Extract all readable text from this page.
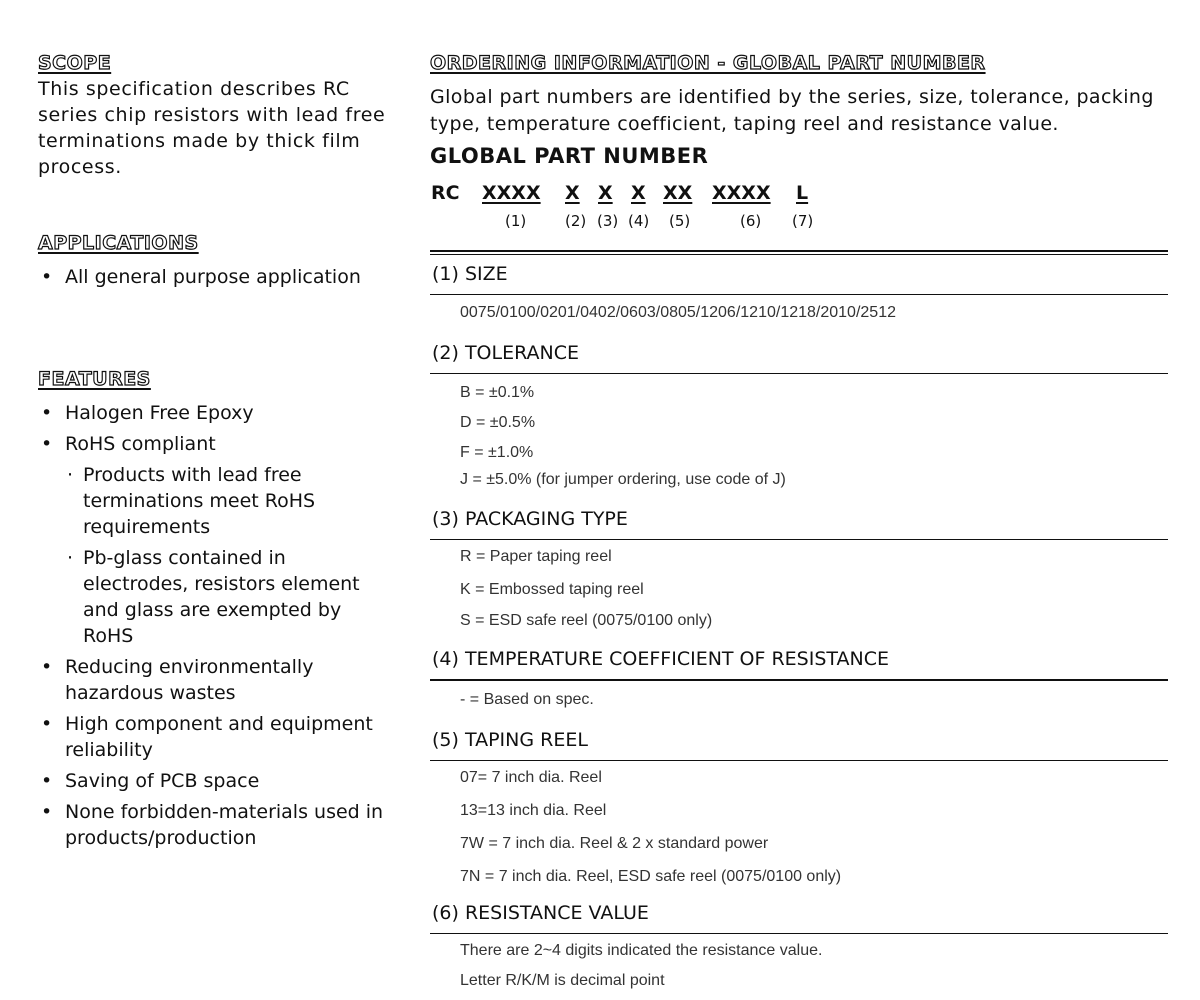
SCOPE
This specification describes RC series chip resistors with lead free terminations made by thick film process.
APPLICATIONS
• All general purpose application
FEATURES
• Halogen Free Epoxy
• RoHS compliant
· Products with lead free terminations meet RoHS requirements
· Pb-glass contained in electrodes, resistors element and glass are exempted by RoHS
• Reducing environmentally hazardous wastes
• High component and equipment reliability
• Saving of PCB space
• None forbidden-materials used in products/production
ORDERING INFORMATION - GLOBAL PART NUMBER
Global part numbers are identified by the series, size, tolerance, packing type, temperature coefficient, taping reel and resistance value.
GLOBAL PART NUMBER
RC XXXX X X X XX XXXX L
(1)	(2) (3) (4) (5)	(6) (7)
(1) SIZE
0075/0100/0201/0402/0603/0805/1206/1210/1218/2010/2512
(2) TOLERANCE
B = ±0.1%
D = ±0.5%
F = ±1.0%
J = ±5.0% (for jumper ordering, use code of J)
(3) PACKAGING TYPE
R = Paper taping reel
K = Embossed taping reel
S = ESD safe reel (0075/0100 only)
(4) TEMPERATURE COEFFICIENT OF RESISTANCE
- = Based on spec.
(5) TAPING REEL
07= 7 inch dia. Reel
13=13 inch dia. Reel
7W = 7 inch dia. Reel & 2 x standard power
7N = 7 inch dia. Reel, ESD safe reel (0075/0100 only)
(6) RESISTANCE VALUE
There are 2~4 digits indicated the resistance value.
Letter R/K/M is decimal point
